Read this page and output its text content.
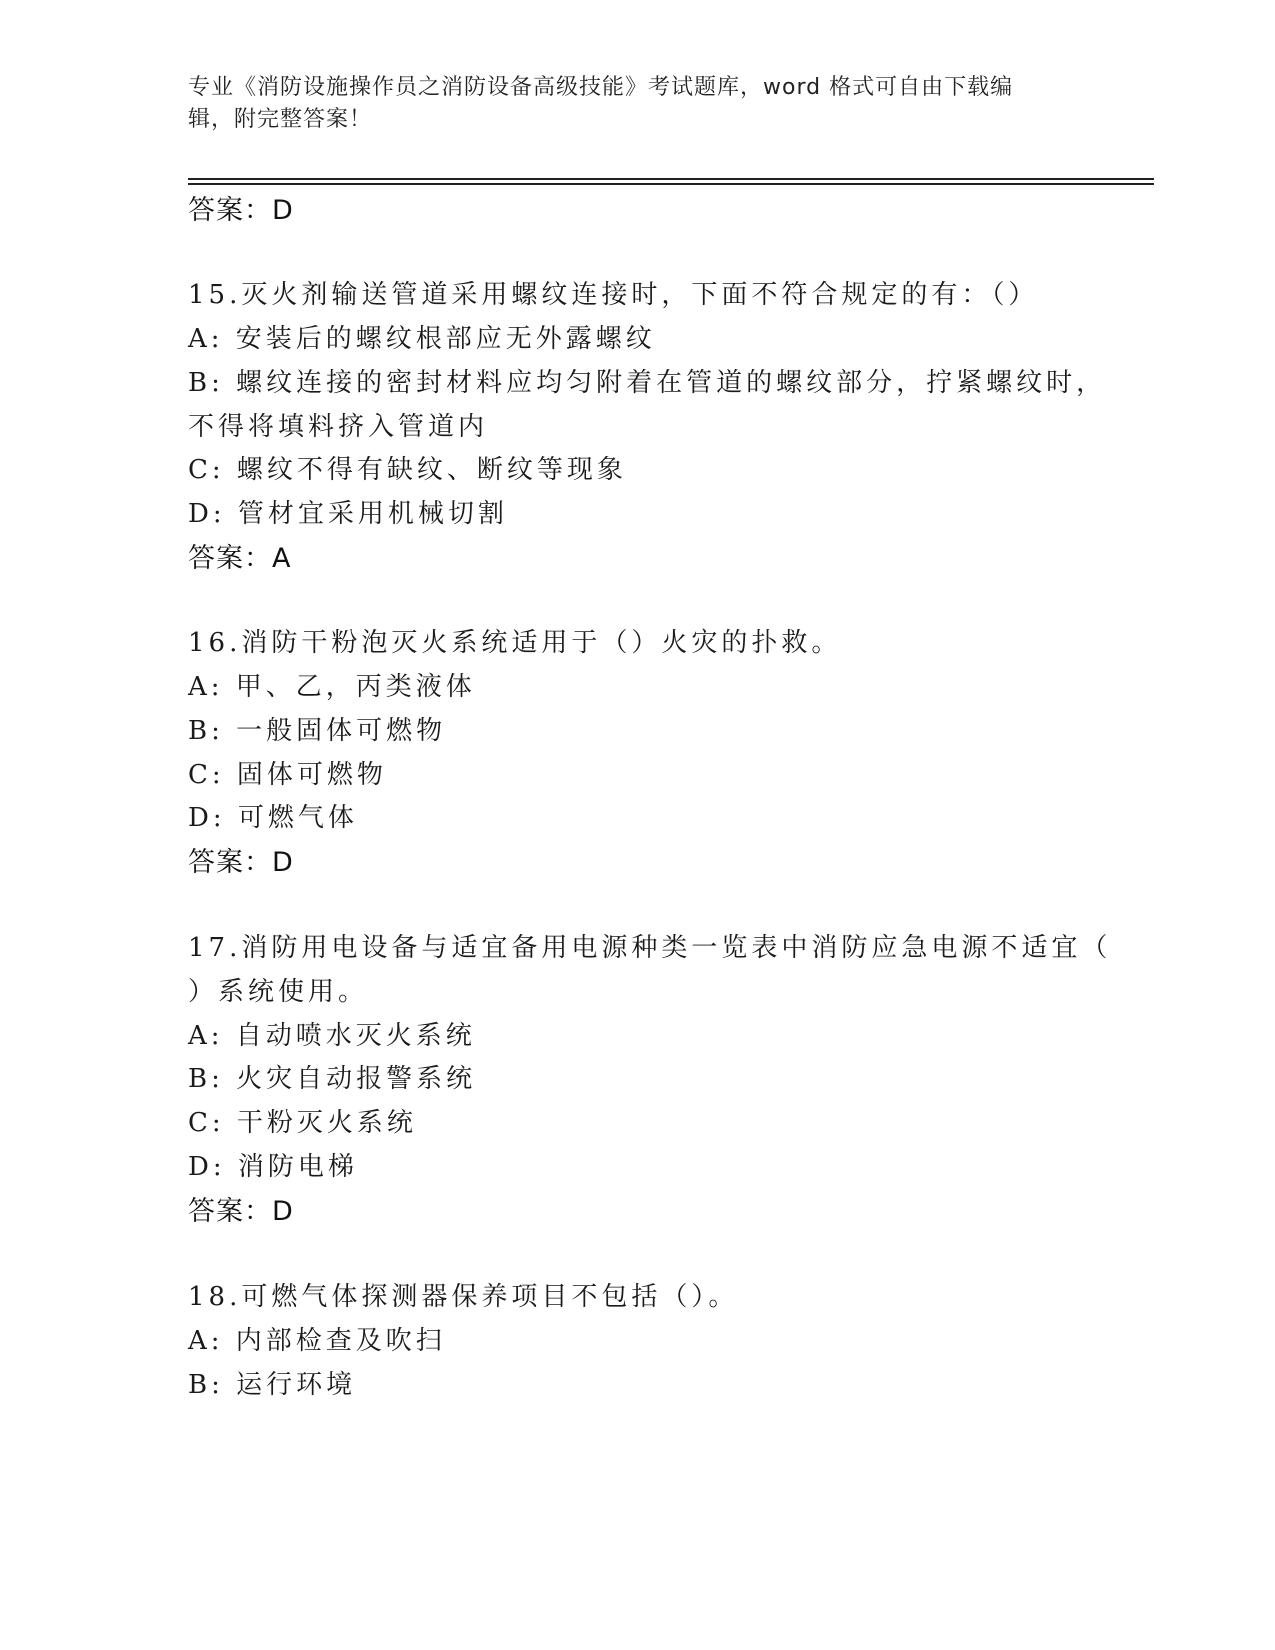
专业《消防设施操作员之消防设备高级技能》考试题库，word 格式可自由下载编
辑，附完整答案！
答案：D
15.灭火剂输送管道采用螺纹连接时，下面不符合规定的有：（）
A: 安装后的螺纹根部应无外露螺纹
B: 螺纹连接的密封材料应均匀附着在管道的螺纹部分，拧紧螺纹时，
不得将填料挤入管道内
C: 螺纹不得有缺纹、断纹等现象
D: 管材宜采用机械切割
答案：A
16.消防干粉泡灭火系统适用于（）火灾的扑救。
A: 甲、乙，丙类液体
B: 一般固体可燃物
C: 固体可燃物
D: 可燃气体
答案：D
17.消防用电设备与适宜备用电源种类一览表中消防应急电源不适宜（
）系统使用。
A: 自动喷水灭火系统
B: 火灾自动报警系统
C: 干粉灭火系统
D: 消防电梯
答案：D
18.可燃气体探测器保养项目不包括（）。
A: 内部检查及吹扫
B: 运行环境
